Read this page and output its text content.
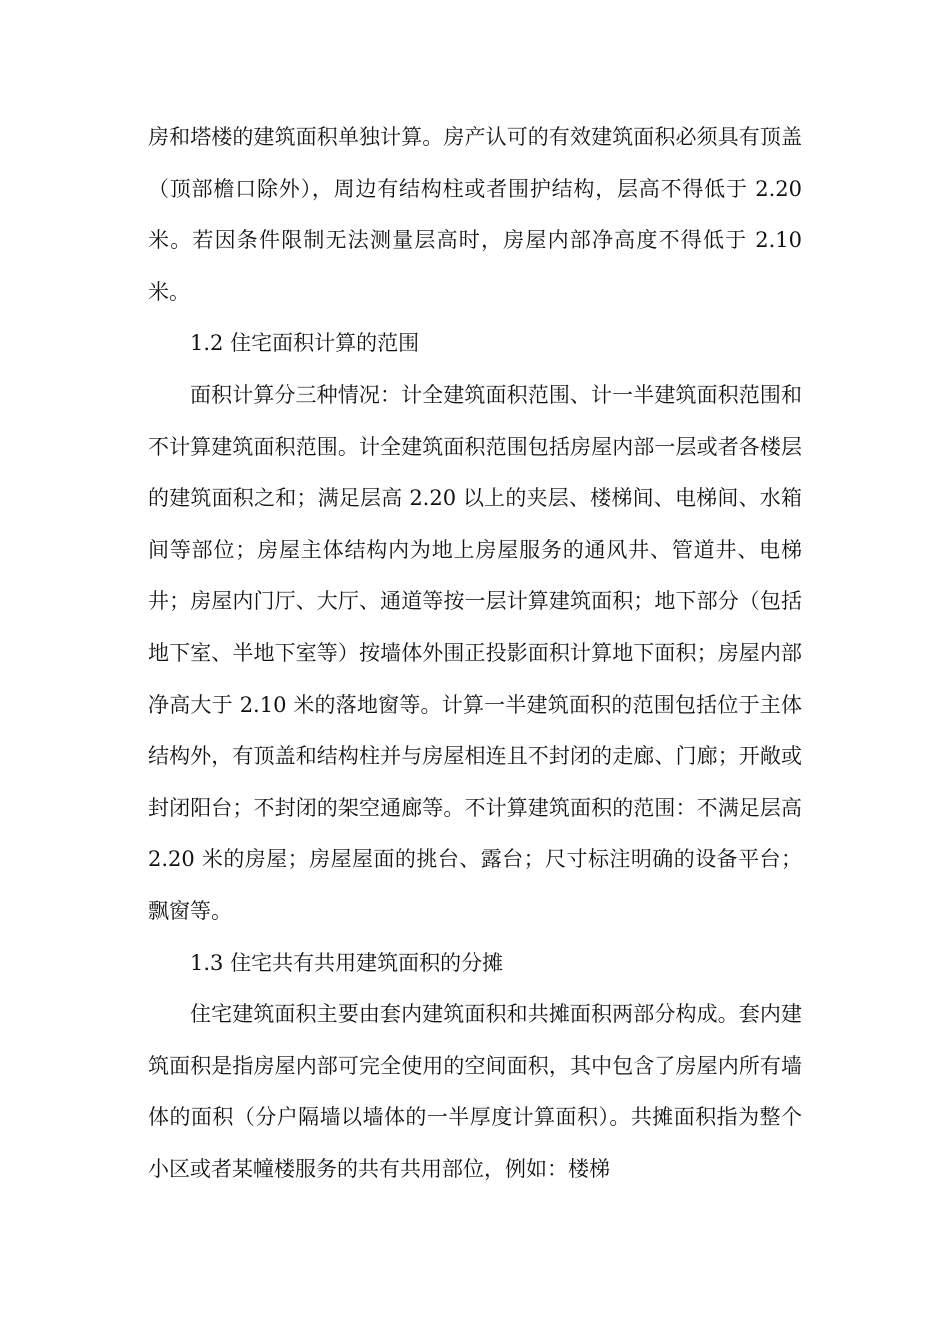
房和塔楼的建筑面积单独计算。房产认可的有效建筑面积必须具有顶盖（顶部檐口除外），周边有结构柱或者围护结构，层高不得低于 2.20 米。若因条件限制无法测量层高时，房屋内部净高度不得低于 2.10 米。

1.2 住宅面积计算的范围

面积计算分三种情况：计全建筑面积范围、计一半建筑面积范围和不计算建筑面积范围。计全建筑面积范围包括房屋内部一层或者各楼层的建筑面积之和；满足层高 2.20 以上的夹层、楼梯间、电梯间、水箱间等部位；房屋主体结构内为地上房屋服务的通风井、管道井、电梯井；房屋内门厅、大厅、通道等按一层计算建筑面积；地下部分（包括地下室、半地下室等）按墙体外围正投影面积计算地下面积；房屋内部净高大于 2.10 米的落地窗等。计算一半建筑面积的范围包括位于主体结构外，有顶盖和结构柱并与房屋相连且不封闭的走廊、门廊；开敞或封闭阳台；不封闭的架空通廊等。不计算建筑面积的范围：不满足层高 2.20 米的房屋；房屋屋面的挑台、露台；尺寸标注明确的设备平台；飘窗等。

1.3 住宅共有共用建筑面积的分摊

住宅建筑面积主要由套内建筑面积和共摊面积两部分构成。套内建筑面积是指房屋内部可完全使用的空间面积，其中包含了房屋内所有墙体的面积（分户隔墙以墙体的一半厚度计算面积）。共摊面积指为整个小区或者某幢楼服务的共有共用部位，例如：楼梯
